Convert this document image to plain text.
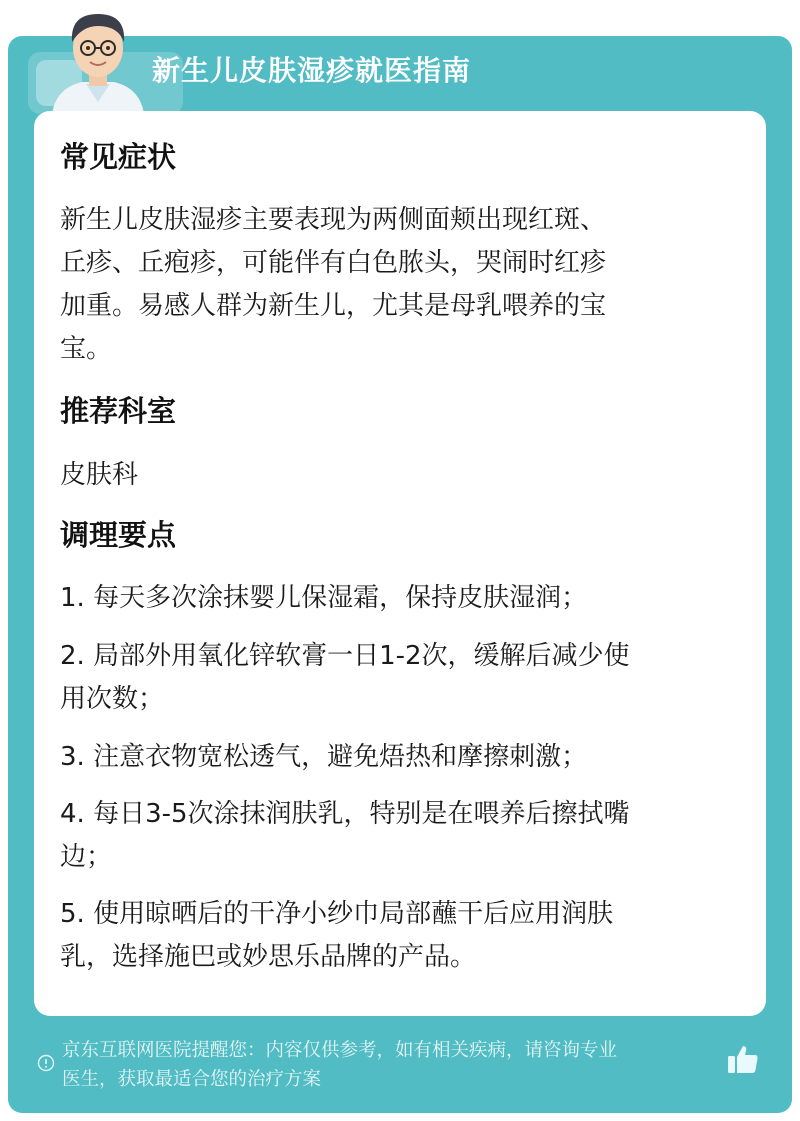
新生儿皮肤湿疹就医指南
常见症状
新生儿皮肤湿疹主要表现为两侧面颊出现红斑、
丘疹、丘疱疹，可能伴有白色脓头，哭闹时红疹
加重。易感人群为新生儿，尤其是母乳喂养的宝
宝。
推荐科室
皮肤科
调理要点
1. 每天多次涂抹婴儿保湿霜，保持皮肤湿润；
2. 局部外用氧化锌软膏一日1-2次，缓解后减少使
用次数；
3. 注意衣物宽松透气，避免焐热和摩擦刺激；
4. 每日3-5次涂抹润肤乳，特别是在喂养后擦拭嘴
边；
5. 使用晾晒后的干净小纱巾局部蘸干后应用润肤
乳，选择施巴或妙思乐品牌的产品。
京东互联网医院提醒您：内容仅供参考，如有相关疾病，请咨询专业
医生，获取最适合您的治疗方案
